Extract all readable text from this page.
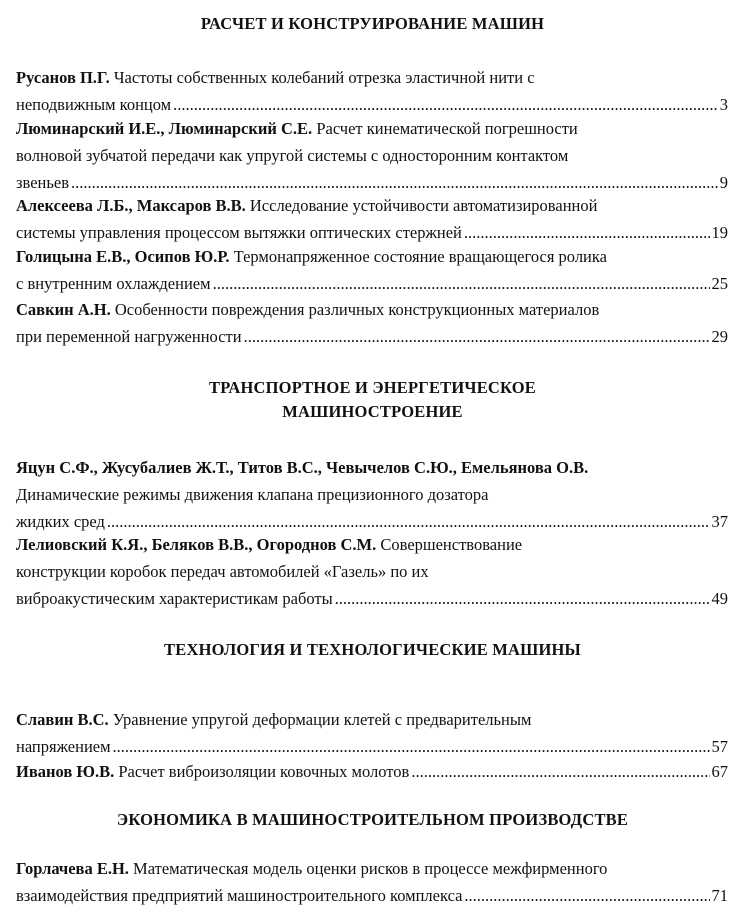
РАСЧЕТ И КОНСТРУИРОВАНИЕ МАШИН
Русанов П.Г. Частоты собственных колебаний отрезка эластичной нити с
неподвижным концом .....	3
Люминарский И.Е., Люминарский С.Е. Расчет кинематической погрешности
волновой зубчатой передачи как упругой системы с односторонним контактом
звеньев .....	9
Алексеева Л.Б., Максаров В.В. Исследование устойчивости автоматизированной
системы управления процессом вытяжки оптических стержней .....	19
Голицына Е.В., Осипов Ю.Р. Термонапряженное состояние вращающегося ролика
с внутренним охлаждением .....	25
Савкин А.Н. Особенности повреждения различных конструкционных материалов
при переменной нагруженности .....	29
ТРАНСПОРТНОЕ И ЭНЕРГЕТИЧЕСКОЕ
МАШИНОСТРОЕНИЕ
Яцун С.Ф., Жусубалиев Ж.Т., Титов В.С., Чевычелов С.Ю., Емельянова О.В.
Динамические режимы движения клапана прецизионного дозатора
жидких сред .....	37
Лелиовский К.Я., Беляков В.В., Огороднов С.М. Совершенствование
конструкции коробок передач автомобилей «Газель» по их
виброакустическим характеристикам работы .....	49
ТЕХНОЛОГИЯ И ТЕХНОЛОГИЧЕСКИЕ МАШИНЫ
Славин В.С. Уравнение упругой деформации клетей с предварительным
напряжением .....	57
Иванов Ю.В. Расчет виброизоляции ковочных молотов .....	67
ЭКОНОМИКА В МАШИНОСТРОИТЕЛЬНОМ ПРОИЗВОДСТВЕ
Горлачева Е.Н. Математическая модель оценки рисков в процессе межфирменного
взаимодействия предприятий машиностроительного комплекса .....	71
